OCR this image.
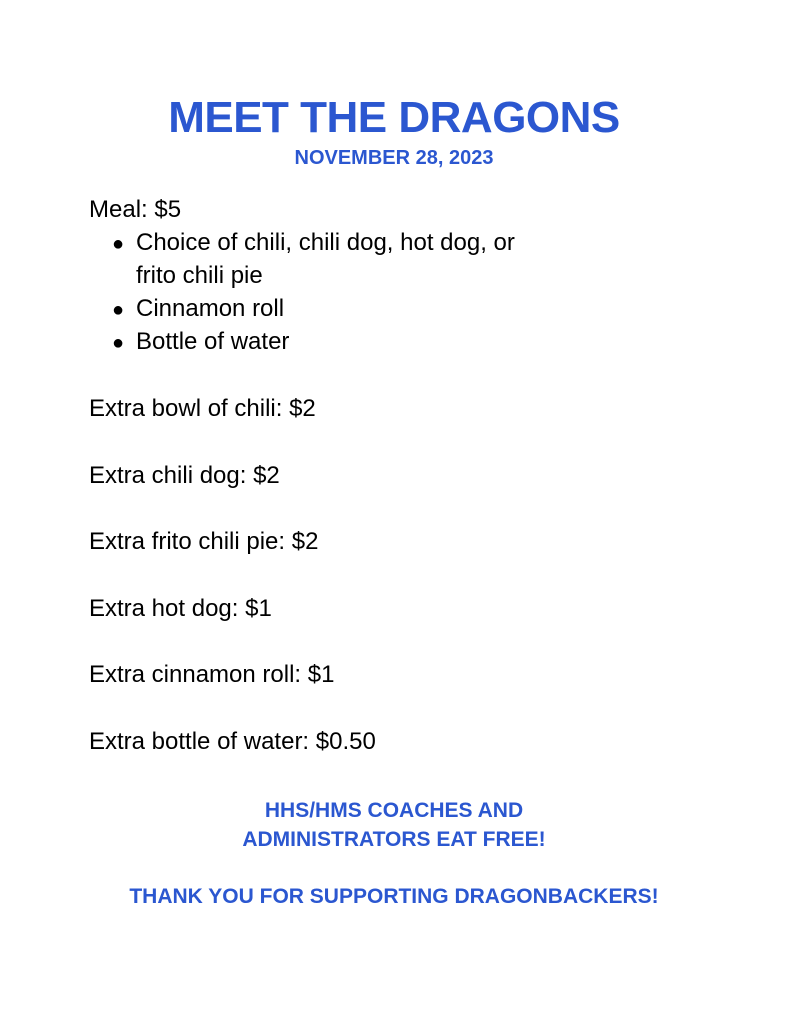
MEET THE DRAGONS
NOVEMBER 28, 2023
Meal: $5
● Choice of chili, chili dog, hot dog, or
frito chili pie
● Cinnamon roll
● Bottle of water
Extra bowl of chili: $2
Extra chili dog: $2
Extra frito chili pie: $2
Extra hot dog: $1
Extra cinnamon roll: $1
Extra bottle of water: $0.50
HHS/HMS COACHES AND
ADMINISTRATORS EAT FREE!
THANK YOU FOR SUPPORTING DRAGONBACKERS!
